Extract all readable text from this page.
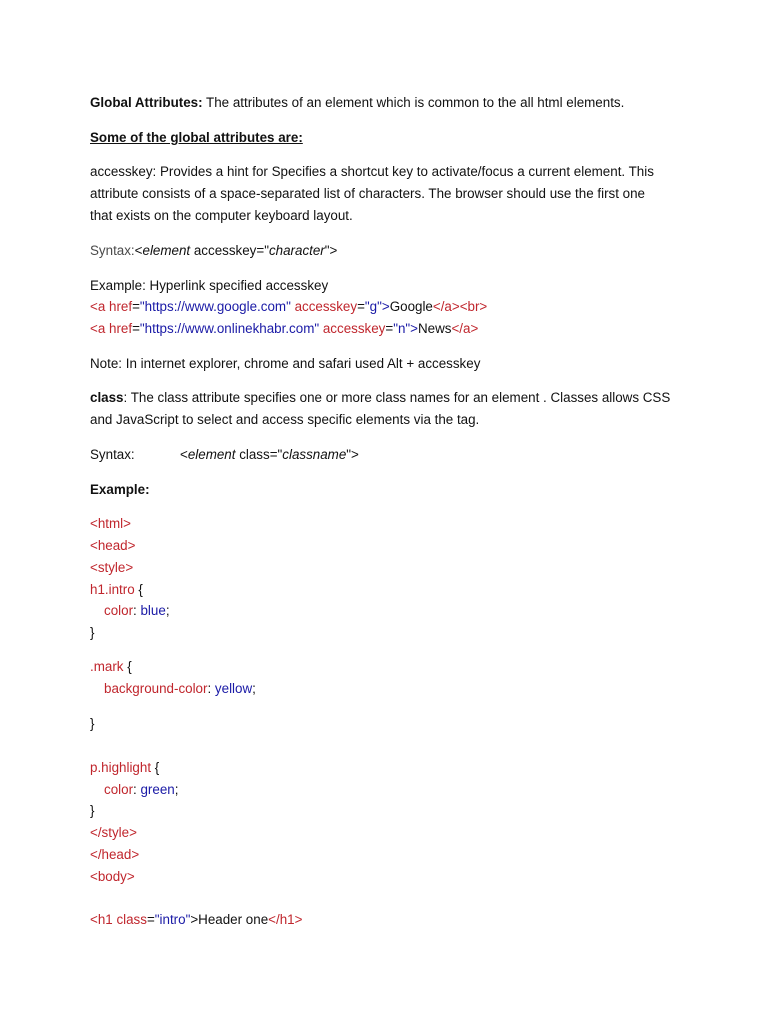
Global Attributes: The attributes of an element which is common to the all html elements.
Some of the global attributes are:
accesskey: Provides a hint for Specifies a shortcut key to activate/focus a current element. This
attribute consists of a space-separated list of characters. The browser should use the first one
that exists on the computer keyboard layout.
Syntax:<element accesskey="character">
Example: Hyperlink specified accesskey
<a href="https://www.google.com" accesskey="g">Google</a><br>
<a href="https://www.onlinekhabr.com" accesskey="n">News</a>
Note: In internet explorer, chrome and safari used Alt + accesskey
class: The class attribute specifies one or more class names for an element . Classes allows CSS
and JavaScript to select and access specific elements via the tag.
Syntax:	<element class="classname">
Example:
<html>
<head>
<style>
h1.intro {
color: blue;
}
.mark {
background-color: yellow;
}
p.highlight {
color: green;
}
</style>
</head>
<body>
<h1 class="intro">Header one</h1>
